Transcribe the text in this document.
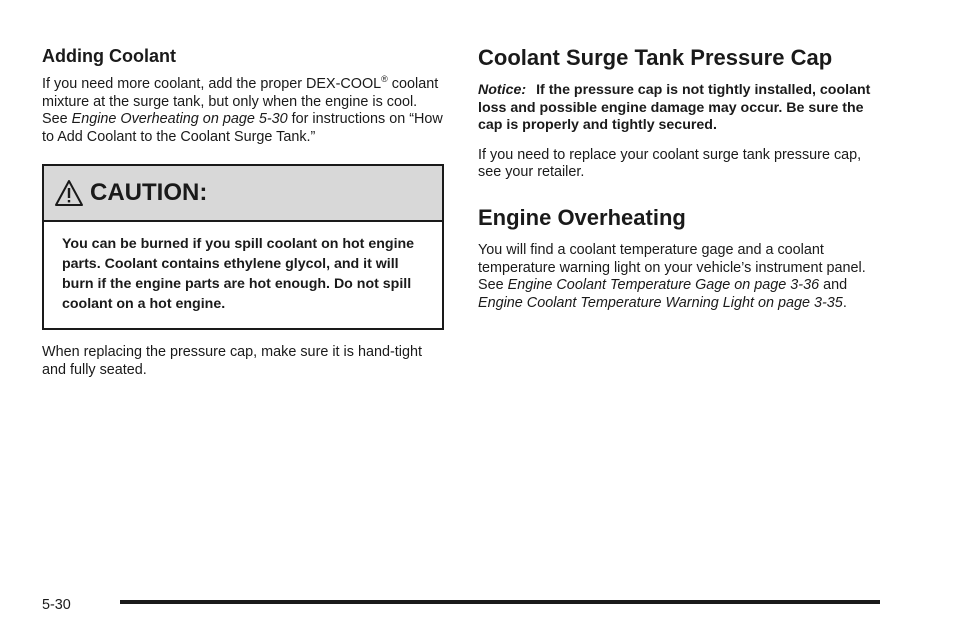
Adding Coolant

If you need more coolant, add the proper DEX-COOL® coolant mixture at the surge tank, but only when the engine is cool. See Engine Overheating on page 5-30 for instructions on “How to Add Coolant to the Coolant Surge Tank.”

CAUTION:

You can be burned if you spill coolant on hot engine parts. Coolant contains ethylene glycol, and it will burn if the engine parts are hot enough. Do not spill coolant on a hot engine.

When replacing the pressure cap, make sure it is hand-tight and fully seated.

Coolant Surge Tank Pressure Cap

Notice: If the pressure cap is not tightly installed, coolant loss and possible engine damage may occur. Be sure the cap is properly and tightly secured.

If you need to replace your coolant surge tank pressure cap, see your retailer.

Engine Overheating

You will find a coolant temperature gage and a coolant temperature warning light on your vehicle’s instrument panel. See Engine Coolant Temperature Gage on page 3-36 and Engine Coolant Temperature Warning Light on page 3-35.

5-30
